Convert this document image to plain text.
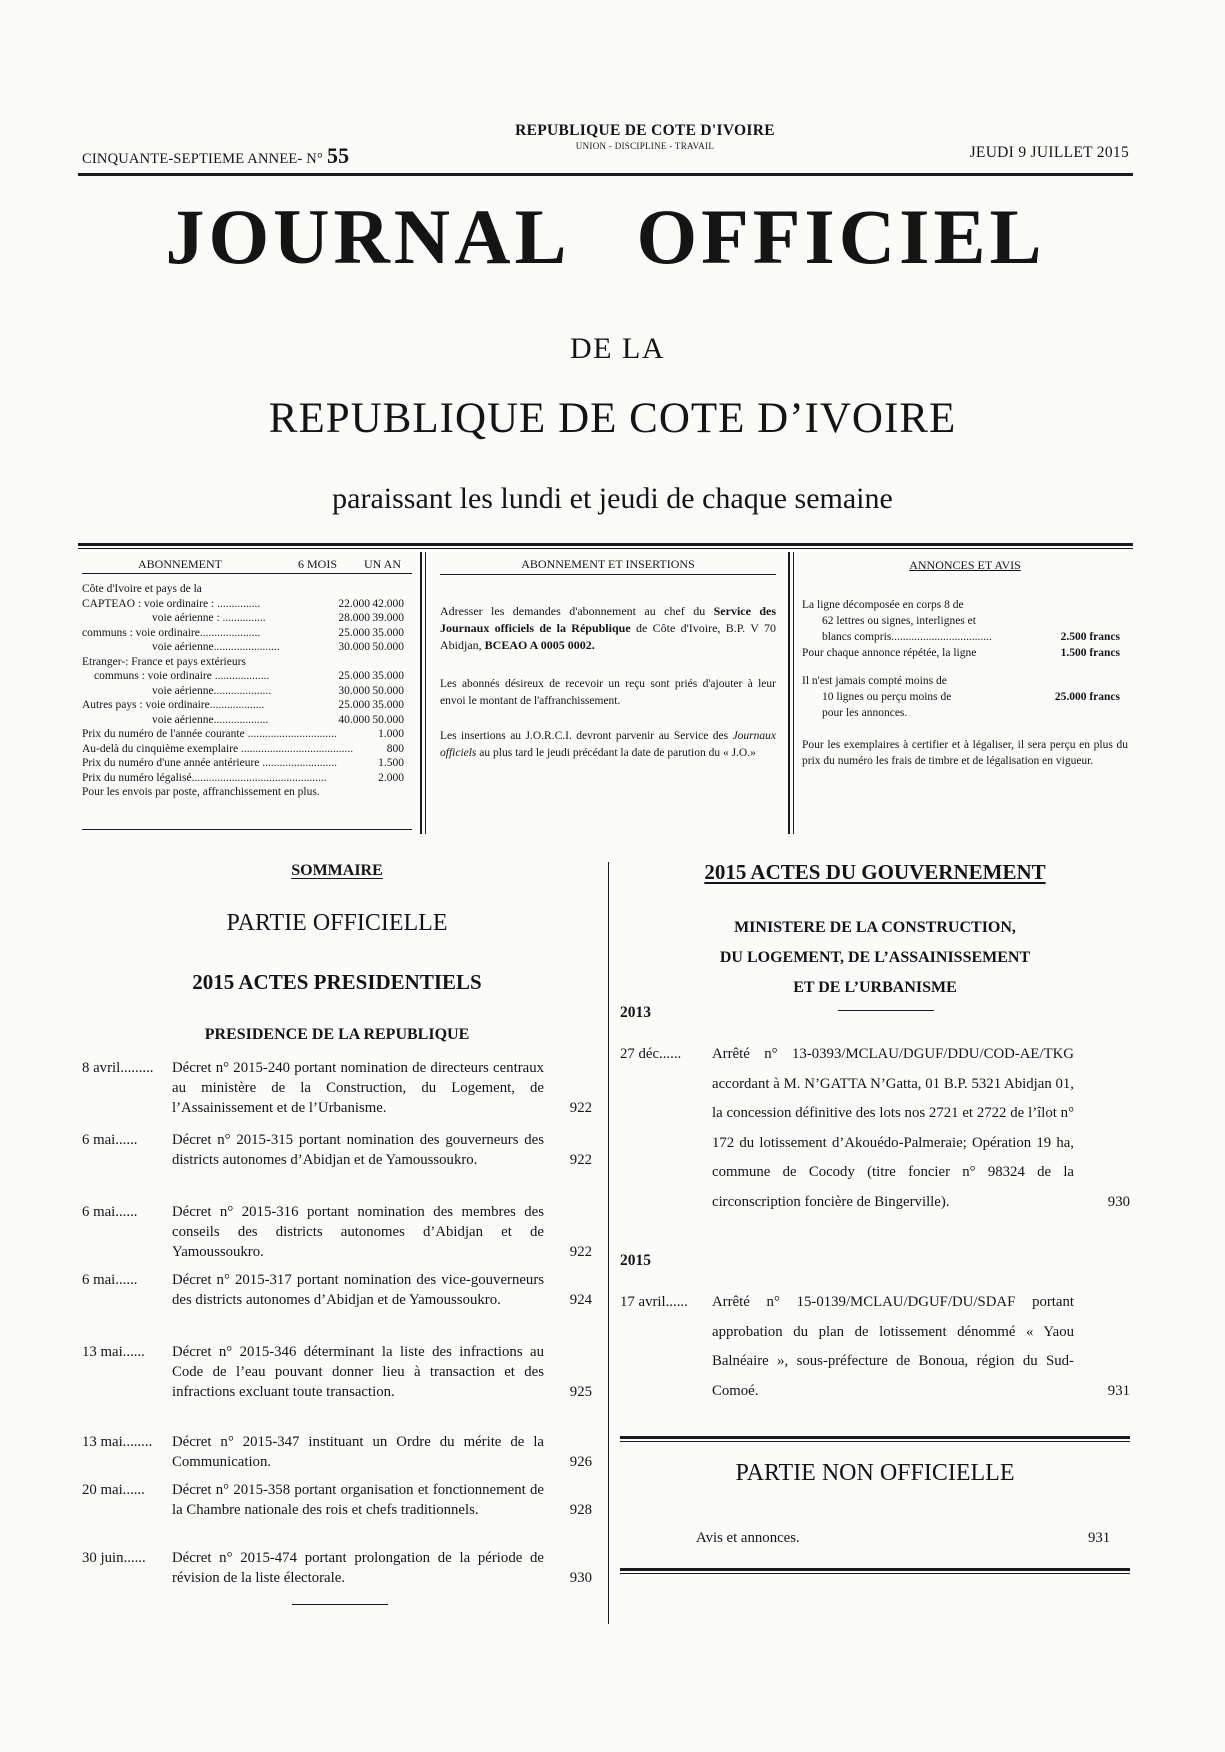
CINQUANTE-SEPTIEME ANNEE- N° 55
REPUBLIQUE DE COTE D'IVOIRE
UNION - DISCIPLINE - TRAVAIL	JEUDI 9 JUILLET 2015
JOURNAL OFFICIEL
DE LA
REPUBLIQUE DE COTE D’IVOIRE
paraissant les lundi et jeudi de chaque semaine
ABONNEMENT	6 MOIS UN AN
Côte d'Ivoire et pays de la
CAPTEAO : voie ordinaire : ...............	22.000 42.000
voie aérienne : ...............	28.000 39.000
communs : voie ordinaire.....................	25.000 35.000
voie aérienne.......................	30.000 50.000
Etranger-: France et pays extérieurs
communs : voie ordinaire ...................	25.000 35.000
voie aérienne....................	30.000 50.000
Autres pays : voie ordinaire...................	25.000 35.000
voie aérienne...................	40.000 50.000
Prix du numéro de l'année courante ...............................	1.000
Au-delà du cinquième exemplaire .......................................	800
Prix du numéro d'une année antérieure ..........................	1.500
Prix du numéro légalisé...............................................	2.000
Pour les envois par poste, affranchissement en plus.
ABONNEMENT ET INSERTIONS

Adresser les demandes d'abonnement au chef du Service des Journaux officiels de la République de Côte d'Ivoire, B.P. V 70 Abidjan, BCEAO A 0005 0002.

Les abonnés désireux de recevoir un reçu sont priés d'ajouter à leur envoi le montant de l'affranchissement.

Les insertions au J.O.R.C.I. devront parvenir au Service des Journaux officiels au plus tard le jeudi précédant la date de parution du « J.O.»

ANNONCES ET AVIS
La ligne décomposée en corps 8 de
62 lettres ou signes, interlignes et
blancs compris...................................	2.500 francs
Pour chaque annonce répétée, la ligne	1.500 francs
Il n'est jamais compté moins de
10 lignes ou perçu moins de	25.000 francs
pour les annonces.
Pour les exemplaires à certifier et à légaliser, il sera perçu en plus du prix du numéro les frais de timbre et de légalisation en vigueur.
SOMMAIRE
PARTIE OFFICIELLE
2015 ACTES PRESIDENTIELS
PRESIDENCE DE LA REPUBLIQUE
8 avril......... Décret n° 2015-240 portant nomination de directeurs centraux au ministère de la Construction, du Logement, de l’Assainissement et de l’Urbanisme.	922
6 mai...... Décret n° 2015-315 portant nomination des gouverneurs des districts autonomes d’Abidjan et de Yamoussoukro.	922
6 mai...... Décret n° 2015-316 portant nomination des membres des conseils des districts autonomes d’Abidjan et de Yamoussoukro.	922
6 mai...... Décret n° 2015-317 portant nomination des vice-gouverneurs des districts autonomes d’Abidjan et de Yamoussoukro.	924
13 mai...... Décret n° 2015-346 déterminant la liste des infractions au Code de l’eau pouvant donner lieu à transaction et des infractions excluant toute transaction.	925
13 mai........ Décret n° 2015-347 instituant un Ordre du mérite de la Communication.	926
20 mai...... Décret n° 2015-358 portant organisation et fonctionnement de la Chambre nationale des rois et chefs traditionnels.	928
30 juin...... Décret n° 2015-474 portant prolongation de la période de révision de la liste électorale.	930
2015 ACTES DU GOUVERNEMENT
MINISTERE DE LA CONSTRUCTION,
DU LOGEMENT, DE L’ASSAINISSEMENT
ET DE L’URBANISME
2013
27 déc...... Arrêté n° 13-0393/MCLAU/DGUF/DDU/COD-AE/TKG accordant à M. N’GATTA N’Gatta, 01 B.P. 5321 Abidjan 01, la concession définitive des lots nos 2721 et 2722 de l’îlot n° 172 du lotissement d’Akouédo-Palmeraie; Opération 19 ha, commune de Cocody (titre foncier n° 98324 de la circonscription foncière de Bingerville).	930
2015
17 avril...... Arrêté n° 15-0139/MCLAU/DGUF/DU/SDAF portant approbation du plan de lotissement dénommé « Yaou Balnéaire », sous-préfecture de Bonoua, région du Sud-Comoé.	931
PARTIE NON OFFICIELLE
Avis et annonces.	931
